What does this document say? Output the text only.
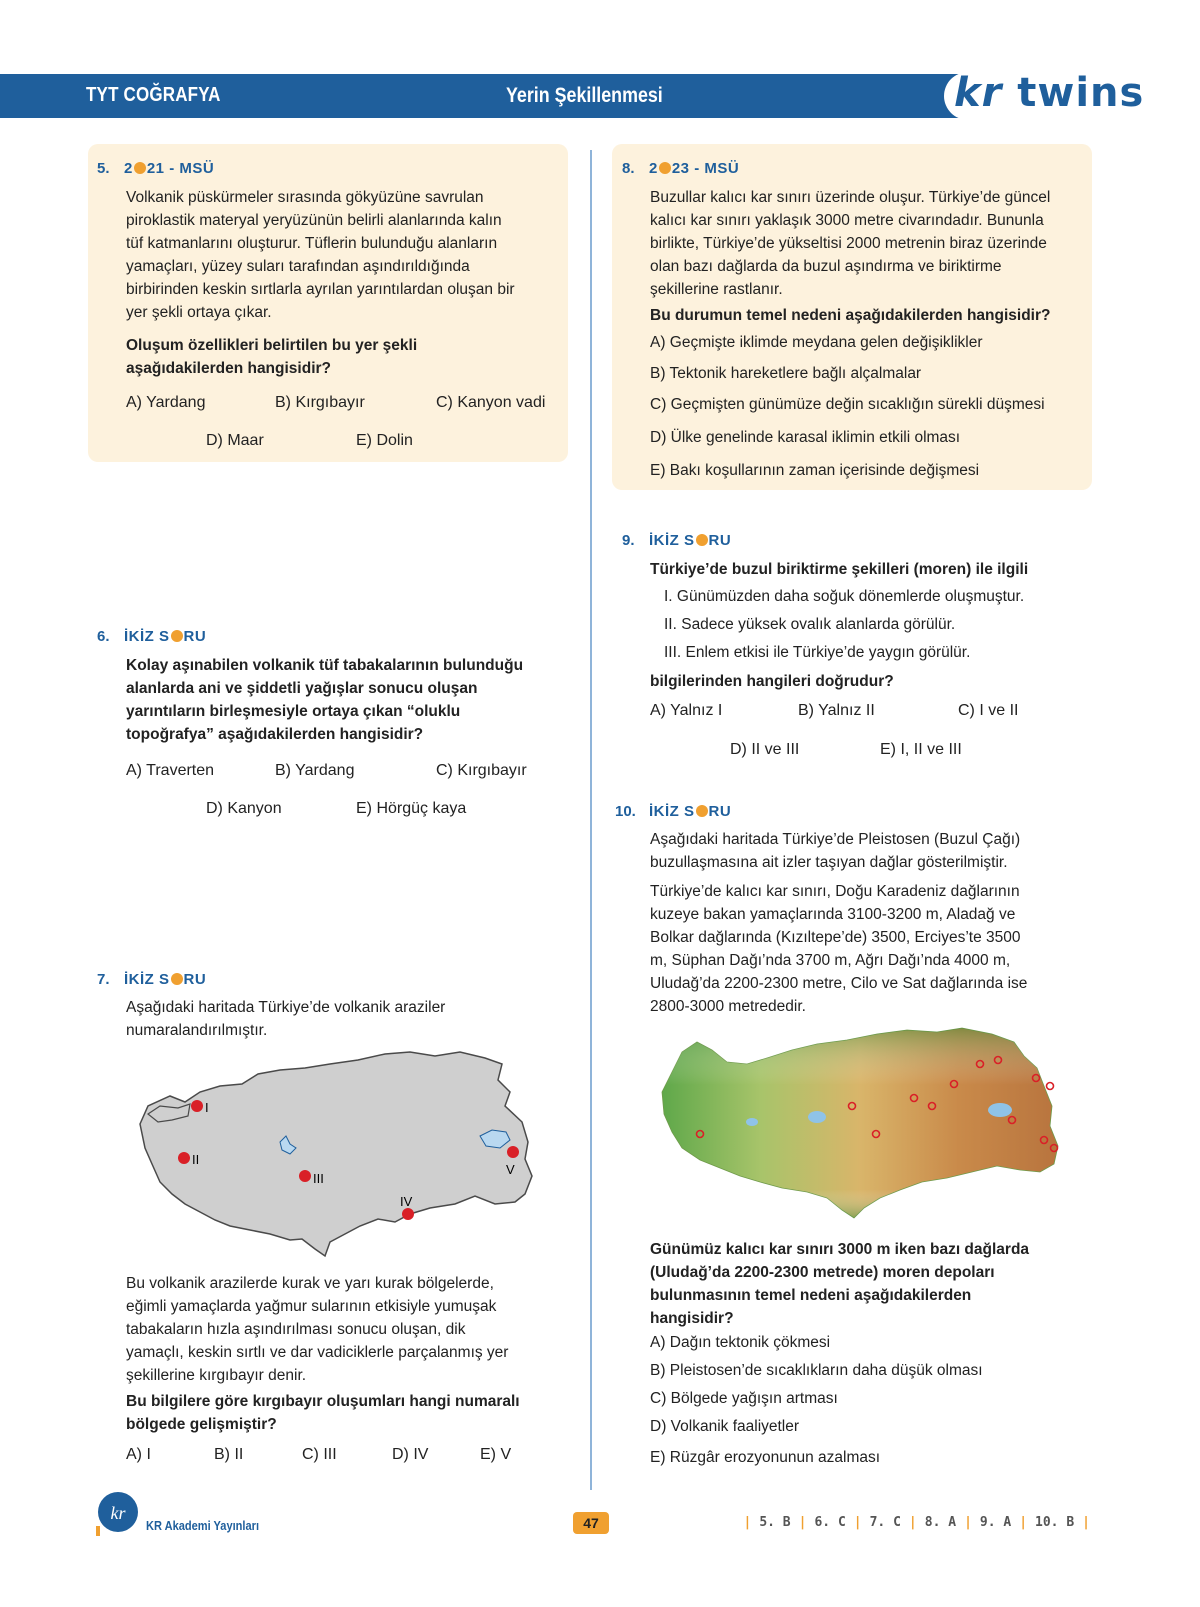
TYT COĞRAFYA	Yerin Şekillenmesi	kr twins
5. 2 21 - MSÜ
Volkanik püskürmeler sırasında gökyüzüne savrulan
piroklastik materyal yeryüzünün belirli alanlarında kalın
tüf katmanlarını oluşturur. Tüflerin bulunduğu alanların
yamaçları, yüzey suları tarafından aşındırıldığında
birbirinden keskin sırtlarla ayrılan yarıntılardan oluşan bir
yer şekli ortaya çıkar.
Oluşum özellikleri belirtilen bu yer şekli
aşağıdakilerden hangisidir?
A) Yardang	B) Kırgıbayır	C) Kanyon vadi
D) Maar	E) Dolin
6. İKİZ S RU
Kolay aşınabilen volkanik tüf tabakalarının bulunduğu
alanlarda ani ve şiddetli yağışlar sonucu oluşan
yarıntıların birleşmesiyle ortaya çıkan “oluklu
topoğrafya” aşağıdakilerden hangisidir?
A) Traverten	B) Yardang	C) Kırgıbayır
D) Kanyon	E) Hörgüç kaya
7. İKİZ S RU
Aşağıdaki haritada Türkiye’de volkanik araziler
numaralandırılmıştır.
I
II
III
IV
V
Bu volkanik arazilerde kurak ve yarı kurak bölgelerde,
eğimli yamaçlarda yağmur sularının etkisiyle yumuşak
tabakaların hızla aşındırılması sonucu oluşan, dik
yamaçlı, keskin sırtlı ve dar vadiciklerle parçalanmış yer
şekillerine kırgıbayır denir.
Bu bilgilere göre kırgıbayır oluşumları hangi numaralı
bölgede gelişmiştir?
A) I	B) II	C) III	D) IV	E) V
8. 2 23 - MSÜ
Buzullar kalıcı kar sınırı üzerinde oluşur. Türkiye’de güncel
kalıcı kar sınırı yaklaşık 3000 metre civarındadır. Bununla
birlikte, Türkiye’de yükseltisi 2000 metrenin biraz üzerinde
olan bazı dağlarda da buzul aşındırma ve biriktirme
şekillerine rastlanır.
Bu durumun temel nedeni aşağıdakilerden hangisidir?
A) Geçmişte iklimde meydana gelen değişiklikler
B) Tektonik hareketlere bağlı alçalmalar
C) Geçmişten günümüze değin sıcaklığın sürekli düşmesi
D) Ülke genelinde karasal iklimin etkili olması
E) Bakı koşullarının zaman içerisinde değişmesi
9. İKİZ S RU
Türkiye’de buzul biriktirme şekilleri (moren) ile ilgili
I. Günümüzden daha soğuk dönemlerde oluşmuştur.
II. Sadece yüksek ovalık alanlarda görülür.
III. Enlem etkisi ile Türkiye’de yaygın görülür.
bilgilerinden hangileri doğrudur?
A) Yalnız I	B) Yalnız II	C) I ve II
D) II ve III	E) I, II ve III
10. İKİZ S RU
Aşağıdaki haritada Türkiye’de Pleistosen (Buzul Çağı)
buzullaşmasına ait izler taşıyan dağlar gösterilmiştir.
Türkiye’de kalıcı kar sınırı, Doğu Karadeniz dağlarının
kuzeye bakan yamaçlarında 3100-3200 m, Aladağ ve
Bolkar dağlarında (Kızıltepe’de) 3500, Erciyes’te 3500
m, Süphan Dağı’nda 3700 m, Ağrı Dağı’nda 4000 m,
Uludağ’da 2200-2300 metre, Cilo ve Sat dağlarında ise
2800-3000 metrededir.
Günümüz kalıcı kar sınırı 3000 m iken bazı dağlarda
(Uludağ’da 2200-2300 metrede) moren depoları
bulunmasının temel nedeni aşağıdakilerden
hangisidir?
A) Dağın tektonik çökmesi
B) Pleistosen’de sıcaklıkların daha düşük olması
C) Bölgede yağışın artması
D) Volkanik faaliyetler
E) Rüzgâr erozyonunun azalması
kr
KR Akademi Yayınları	47	| 5. B | 6. C | 7. C | 8. A | 9. A | 10. B |
